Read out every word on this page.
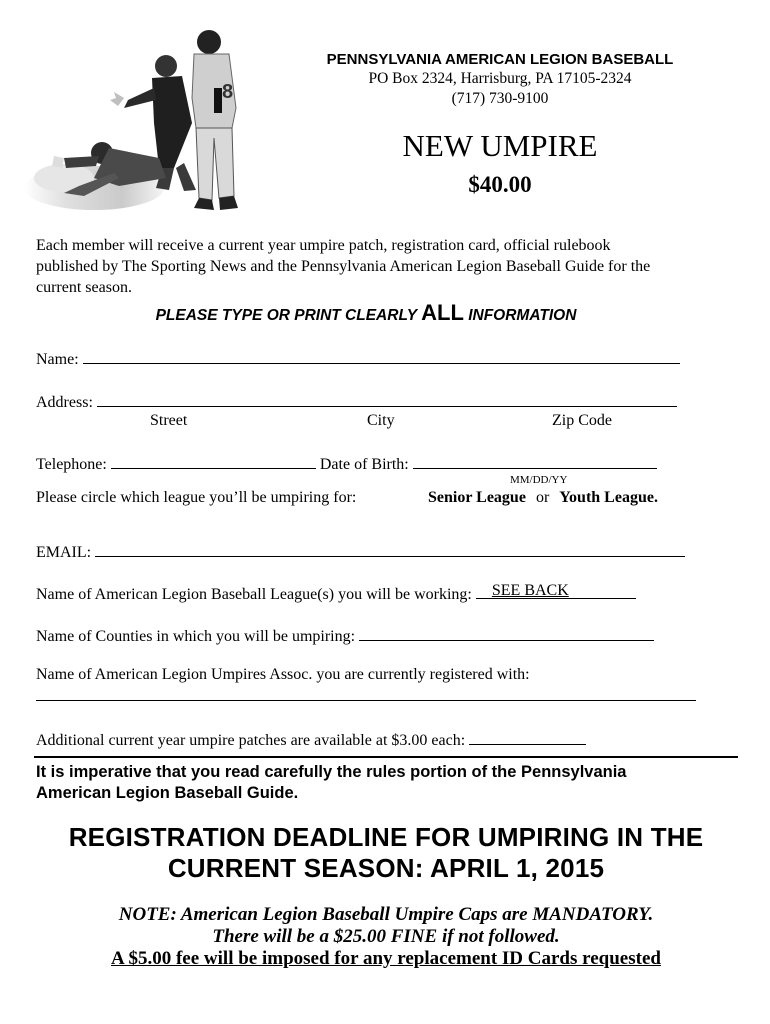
8
PENNSYLVANIA AMERICAN LEGION BASEBALL
PO Box 2324, Harrisburg, PA 17105-2324
(717) 730-9100
NEW UMPIRE
$40.00
Each member will receive a current year umpire patch, registration card, official rulebook
published by The Sporting News and the Pennsylvania American Legion Baseball Guide for the
current season.
PLEASE TYPE OR PRINT CLEARLY ALL INFORMATION
Name:
Address:
Street	City	Zip Code
Telephone:	Date of Birth:
MM/DD/YY
Please circle which league you’ll be umpiring for:	Senior League or Youth League.
EMAIL:
Name of American Legion Baseball League(s) you will be working: SEE BACK
Name of Counties in which you will be umpiring:
Name of American Legion Umpires Assoc. you are currently registered with:
Additional current year umpire patches are available at $3.00 each:
It is imperative that you read carefully the rules portion of the Pennsylvania
American Legion Baseball Guide.
REGISTRATION DEADLINE FOR UMPIRING IN THE
CURRENT SEASON: APRIL 1, 2015
NOTE: American Legion Baseball Umpire Caps are MANDATORY.
There will be a $25.00 FINE if not followed.
A $5.00 fee will be imposed for any replacement ID Cards requested
